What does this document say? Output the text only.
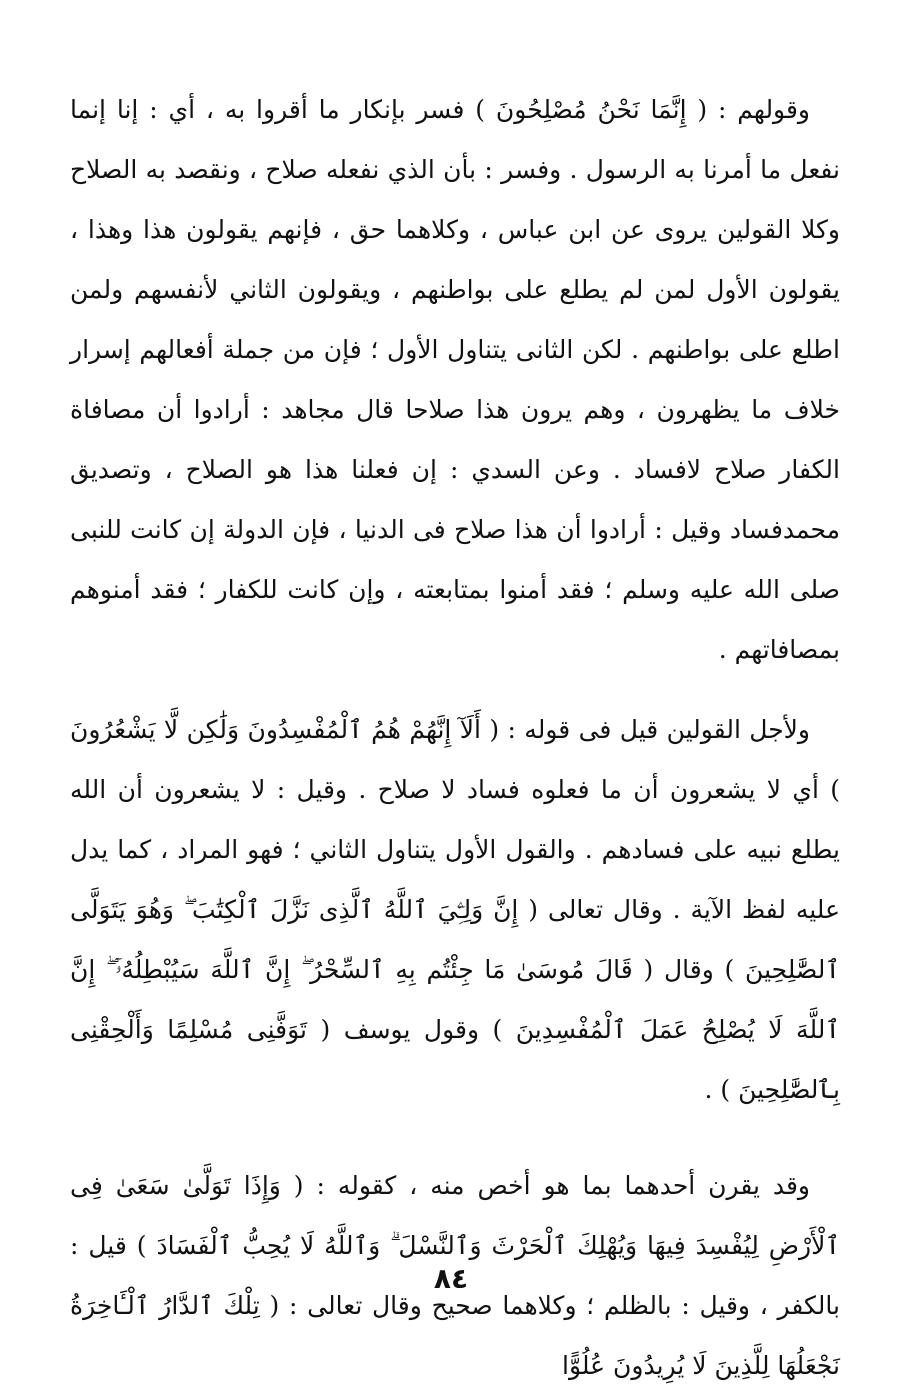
وقولهم : ( إِنَّمَا نَحْنُ مُصْلِحُونَ ) فسر بإنكار ما أقروا به ، أي : إنا إنما نفعل ما أمرنا به الرسول . وفسر : بأن الذي نفعله صلاح ، ونقصد به الصلاح وكلا القولين يروى عن ابن عباس ، وكلاهما حق ، فإنهم يقولون هذا وهذا ، يقولون الأول لمن لم يطلع على بواطنهم ، ويقولون الثاني لأنفسهم ولمن اطلع على بواطنهم . لكن الثانى يتناول الأول ؛ فإن من جملة أفعالهم إسرار خلاف ما يظهرون ، وهم يرون هذا صلاحا قال مجاهد : أرادوا أن مصافاة الكفار صلاح لافساد . وعن السدي : إن فعلنا هذا هو الصلاح ، وتصديق محمدفساد وقيل : أرادوا أن هذا صلاح فى الدنيا ، فإن الدولة إن كانت للنبى صلى الله عليه وسلم ؛ فقد أمنوا بمتابعته ، وإن كانت للكفار ؛ فقد أمنوهم بمصافاتهم .

ولأجل القولين قيل فى قوله : ( أَلَآ إِنَّهُمْ هُمُ ٱلْمُفْسِدُونَ وَلَٰكِن لَّا يَشْعُرُونَ ) أي لا يشعرون أن ما فعلوه فساد لا صلاح . وقيل : لا يشعرون أن الله يطلع نبيه على فسادهم . والقول الأول يتناول الثاني ؛ فهو المراد ، كما يدل عليه لفظ الآية . وقال تعالى ( إِنَّ وَلِـِّۧيَ ٱللَّهُ ٱلَّذِى نَزَّلَ ٱلْكِتَٰبَ ۖ وَهُوَ يَتَوَلَّى ٱلصَّٰلِحِينَ ) وقال ( قَالَ مُوسَىٰ مَا جِئْتُم بِهِ ٱلسِّحْرُ ۖ إِنَّ ٱللَّهَ سَيُبْطِلُهُۥٓ ۖ إِنَّ ٱللَّهَ لَا يُصْلِحُ عَمَلَ ٱلْمُفْسِدِينَ ) وقول يوسف ( تَوَفَّنِى مُسْلِمًا وَأَلْحِقْنِى بِٱلصَّٰلِحِينَ ) .

وقد يقرن أحدهما بما هو أخص منه ، كقوله : ( وَإِذَا تَوَلَّىٰ سَعَىٰ فِى ٱلْأَرْضِ لِيُفْسِدَ فِيهَا وَيُهْلِكَ ٱلْحَرْثَ وَٱلنَّسْلَ ۗ وَٱللَّهُ لَا يُحِبُّ ٱلْفَسَادَ ) قيل : بالكفر ، وقيل : بالظلم ؛ وكلاهما صحيح وقال تعالى : ( تِلْكَ ٱلدَّارُ ٱلْـَٔاخِرَةُ نَجْعَلُهَا لِلَّذِينَ لَا يُرِيدُونَ عُلُوًّا

٨٤
